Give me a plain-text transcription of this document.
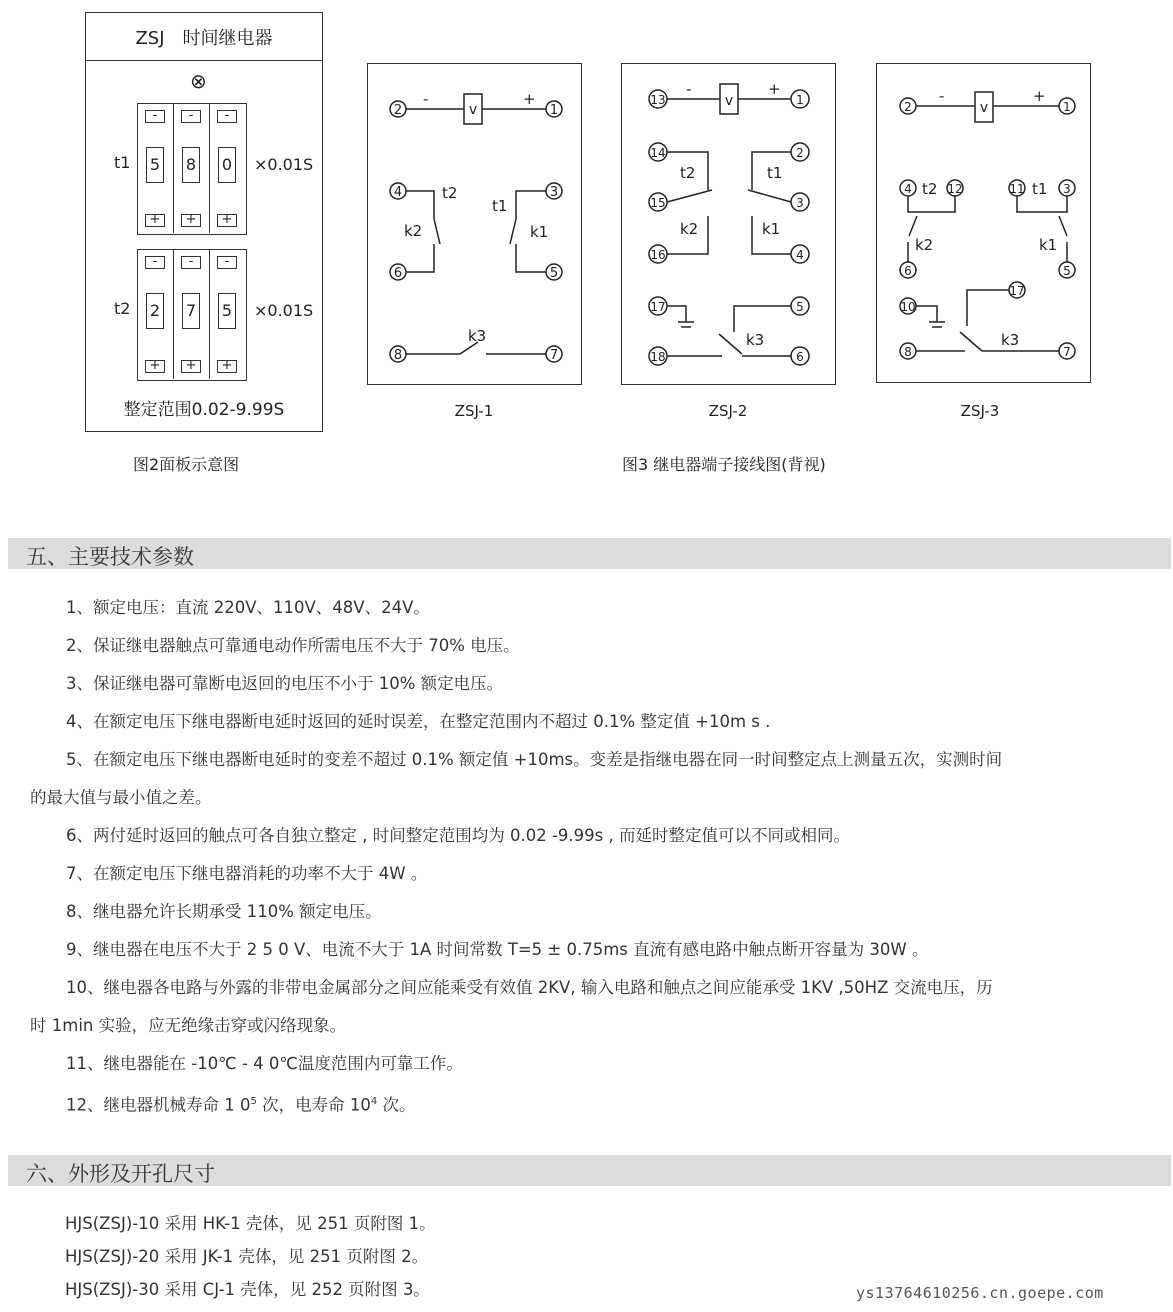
ZSJ　时间继电器
⊗
t1
-
5
+
-
8
+
-
0
+
×0.01S
t2
-
2
+
-
7
+
-
5
+
×0.01S
整定范围0.02-9.99S
图2面板示意图
2	1
4
6
3
5
8	7
v
-	+
t2
k2
t1
k1
k3
ZSJ-1
13	1
14
15
16
2
3
4
17	5
18	6
v
-	+
t2	t1
k2	k1
k3
ZSJ-2
2	1
4	12
6
11	3
5
10
17
8	7
v
-	+
t2	t1
k2	k1
k3
ZSJ-3
图3 继电器端子接线图(背视)
五、主要技术参数
1、额定电压：直流 220V、110V、48V、24V。
2、保证继电器触点可靠通电动作所需电压不大于 70% 电压。
3、保证继电器可靠断电返回的电压不小于 10% 额定电压。
4、在额定电压下继电器断电延时返回的延时误差，在整定范围内不超过 0.1% 整定值 +10m s .
5、在额定电压下继电器断电延时的变差不超过 0.1% 额定值 +10ms。变差是指继电器在同一时间整定点上测量五次，实测时间
的最大值与最小值之差。
6、两付延时返回的触点可各自独立整定 , 时间整定范围均为 0.02 -9.99s , 而延时整定值可以不同或相同。
7、在额定电压下继电器消耗的功率不大于 4W 。
8、继电器允许长期承受 110% 额定电压。
9、继电器在电压不大于 2 5 0 V、电流不大于 1A 时间常数 T=5 ± 0.75ms 直流有感电路中触点断开容量为 30W 。
10、继电器各电路与外露的非带电金属部分之间应能乘受有效值 2KV, 输入电路和触点之间应能承受 1KV ,50HZ 交流电压，历
时 1min 实验，应无绝缘击穿或闪络现象。
11、继电器能在 -10℃ - 4 0℃温度范围内可靠工作。
12、继电器机械寿命 1 $0^5$ 次，电寿命 $10^4$ 次。
六、外形及开孔尺寸
HJS(ZSJ)-10 采用 HK-1 壳体，见 251 页附图 1。
HJS(ZSJ)-20 采用 JK-1 壳体，见 251 页附图 2。
HJS(ZSJ)-30 采用 CJ-1 壳体，见 252 页附图 3。	ys13764610256.cn.goepe.com
